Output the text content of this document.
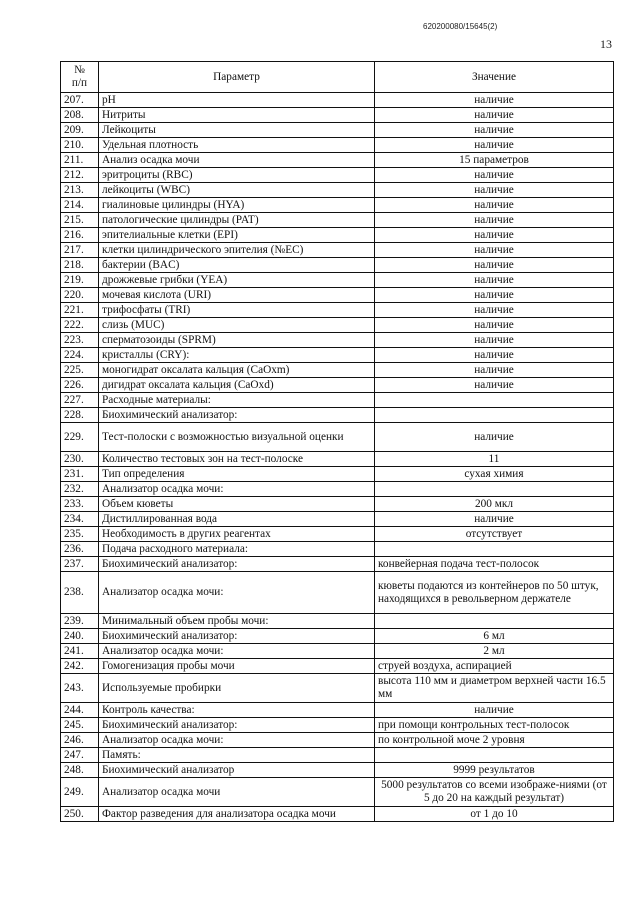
620200080/15645(2)
13
№
п/п	Параметр	Значение
207.	pH	наличие
208.	Нитриты	наличие
209.	Лейкоциты	наличие
210.	Удельная плотность	наличие
211.	Анализ осадка мочи	15 параметров
212.	эритроциты (RBC)	наличие
213.	лейкоциты (WBC)	наличие
214.	гиалиновые цилиндры (HYA)	наличие
215.	патологические цилиндры (PAT)	наличие
216.	эпителиальные клетки (EPI)	наличие
217.	клетки цилиндрического эпителия (№EC)	наличие
218.	бактерии (BAC)	наличие
219.	дрожжевые грибки (YEA)	наличие
220.	мочевая кислота (URI)	наличие
221.	трифосфаты (TRI)	наличие
222.	слизь (MUC)	наличие
223.	сперматозоиды (SPRM)	наличие
224.	кристаллы (CRY):	наличие
225.	моногидрат оксалата кальция (CaOxm)	наличие
226.	дигидрат оксалата кальция (CaOxd)	наличие
227.	Расходные материалы:	
228.	Биохимический анализатор:	
229.	Тест-полоски с возможностью визуальной оценки	наличие
230.	Количество тестовых зон на тест-полоске	11
231.	Тип определения	сухая химия
232.	Анализатор осадка мочи:	
233.	Объем кюветы	200 мкл
234.	Дистиллированная вода	наличие
235.	Необходимость в других реагентах	отсутствует
236.	Подача расходного материала:	
237.	Биохимический анализатор:	конвейерная подача тест-полосок
238.	Анализатор осадка мочи:	кюветы подаются из контейнеров по 50 штук, находящихся в револьверном держателе
239.	Минимальный объем пробы мочи:	
240.	Биохимический анализатор:	6 мл
241.	Анализатор осадка мочи:	2 мл
242.	Гомогенизация пробы мочи	струей воздуха, аспирацией
243.	Используемые пробирки	высота 110 мм и диаметром верхней части 16.5 мм
244.	Контроль качества:	наличие
245.	Биохимический анализатор:	при помощи контрольных тест-полосок
246.	Анализатор осадка мочи:	по контрольной моче 2 уровня
247.	Память:	
248.	Биохимический анализатор	9999 результатов
249.	Анализатор осадка мочи	5000 результатов со всеми изображе-ниями (от 5 до 20 на каждый результат)
250.	Фактор разведения для анализатора осадка мочи	от 1 до 10
